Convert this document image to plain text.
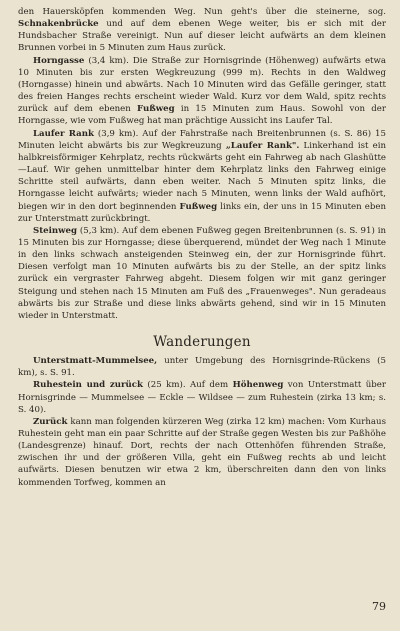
den Hauersköpfen kommenden Weg. Nun geht's über die steinerne, sog. Schnakenbrücke und auf dem ebenen Wege weiter, bis er sich mit der Hundsbacher Straße vereinigt. Nun auf dieser leicht aufwärts an dem kleinen Brunnen vorbei in 5 Minuten zum Haus zurück.

Horngasse (3,4 km). Die Straße zur Hornisgrinde (Höhenweg) aufwärts etwa 10 Minuten bis zur ersten Wegkreuzung (999 m). Rechts in den Waldweg (Horngasse) hinein und abwärts. Nach 10 Minuten wird das Gefälle geringer, statt des freien Hanges rechts erscheint wieder Wald. Kurz vor dem Wald, spitz rechts zurück auf dem ebenen Fußweg in 15 Minuten zum Haus. Sowohl von der Horngasse, wie vom Fußweg hat man prächtige Aussicht ins Laufer Tal.

Laufer Rank (3,9 km). Auf der Fahrstraße nach Breitenbrunnen (s. S. 86) 15 Minuten leicht abwärts bis zur Wegkreuzung „Laufer Rank". Linkerhand ist ein halbkreisförmiger Kehrplatz, rechts rückwärts geht ein Fahrweg ab nach Glashütte—Lauf. Wir gehen unmittelbar hinter dem Kehrplatz links den Fahrweg einige Schritte steil aufwärts, dann eben weiter. Nach 5 Minuten spitz links, die Horngasse leicht aufwärts; wieder nach 5 Minuten, wenn links der Wald aufhört, biegen wir in den dort beginnenden Fußweg links ein, der uns in 15 Minuten eben zur Unterstmatt zurückbringt.

Steinweg (5,3 km). Auf dem ebenen Fußweg gegen Breitenbrunnen (s. S. 91) in 15 Minuten bis zur Horngasse; diese überquerend, mündet der Weg nach 1 Minute in den links schwach ansteigenden Steinweg ein, der zur Hornisgrinde führt. Diesen verfolgt man 10 Minuten aufwärts bis zu der Stelle, an der spitz links zurück ein vergraster Fahrweg abgeht. Diesem folgen wir mit ganz geringer Steigung und stehen nach 15 Minuten am Fuß des „Frauenweges". Nun geradeaus abwärts bis zur Straße und diese links abwärts gehend, sind wir in 15 Minuten wieder in Unterstmatt.

Wanderungen

Unterstmatt-Mummelsee, unter Umgebung des Hornisgrinde-Rückens (5 km), s. S. 91.

Ruhestein und zurück (25 km). Auf dem Höhenweg von Unterstmatt über Hornisgrinde — Mummelsee — Eckle — Wildsee — zum Ruhestein (zirka 13 km; s. S. 40).

Zurück kann man folgenden kürzeren Weg (zirka 12 km) machen: Vom Kurhaus Ruhestein geht man ein paar Schritte auf der Straße gegen Westen bis zur Paßhöhe (Landesgrenze) hinauf. Dort, rechts der nach Ottenhöfen führenden Straße, zwischen ihr und der größeren Villa, geht ein Fußweg rechts ab und leicht aufwärts. Diesen benutzen wir etwa 2 km, überschreiten dann den von links kommenden Torfweg, kommen an

79
